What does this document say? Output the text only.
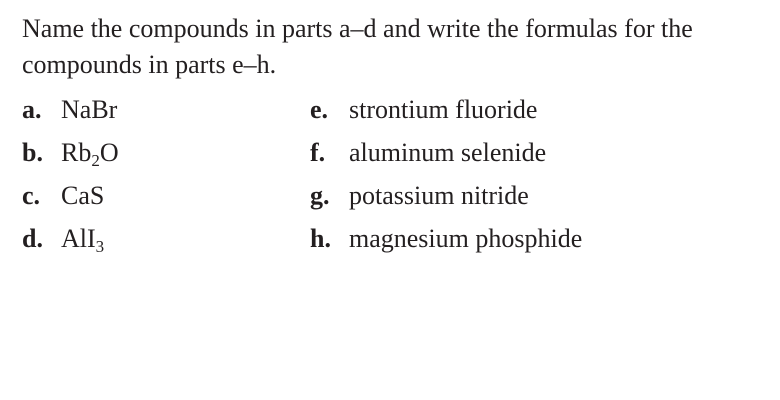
Name the compounds in parts a–d and write the formulas for the compounds in parts e–h.

a. NaBr	e. strontium fluoride
b. $Rb_2O$	f. aluminum selenide
c. CaS	g. potassium nitride
d. AlI$_3$	h. magnesium phosphide
